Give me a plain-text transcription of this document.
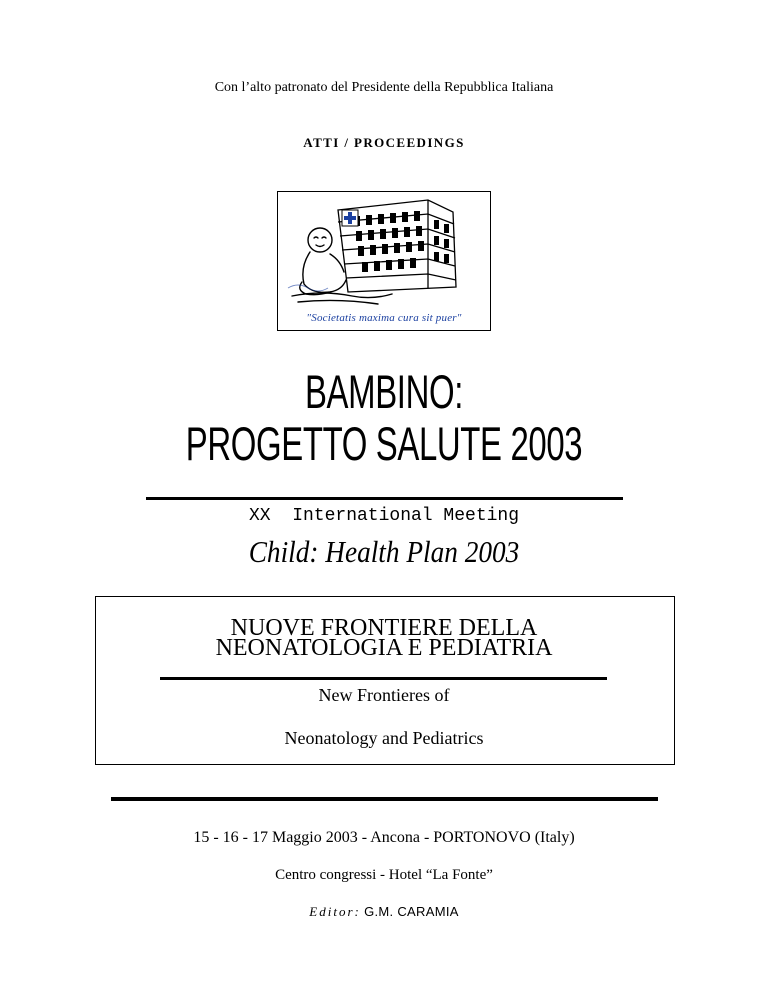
Con l’alto patronato del Presidente della Repubblica Italiana
ATTI / PROCEEDINGS
"Societatis maxima cura sit puer"
BAMBINO:
PROGETTO SALUTE 2003
XX International Meeting
Child: Health Plan 2003
NUOVE FRONTIERE DELLA
NEONATOLOGIA E PEDIATRIA
New Frontieres of
Neonatology and Pediatrics
15 - 16 - 17 Maggio 2003 - Ancona - PORTONOVO (Italy)
Centro congressi - Hotel “La Fonte”
Editor: G.M. CARAMIA
